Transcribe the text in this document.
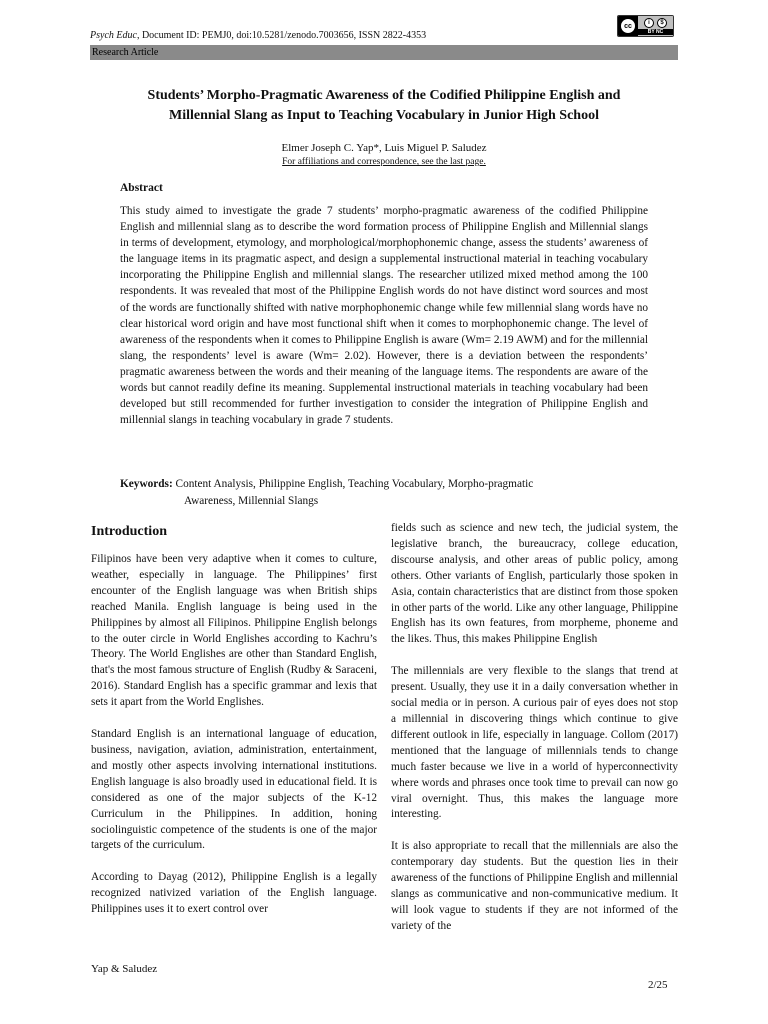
Psych Educ, Document ID: PEMJ0, doi:10.5281/zenodo.7003656, ISSN 2822-4353
cc	i	$
BY NC
Research Article
Students’ Morpho-Pragmatic Awareness of the Codified Philippine English and
Millennial Slang as Input to Teaching Vocabulary in Junior High School
Elmer Joseph C. Yap*, Luis Miguel P. Saludez
For affiliations and correspondence, see the last page.
Abstract
This study aimed to investigate the grade 7 students’ morpho-pragmatic awareness of the codified Philippine English and millennial slang as to describe the word formation process of Philippine English and Millennial slangs in terms of development, etymology, and morphological/morphophonemic change, assess the students’ awareness of the language items in its pragmatic aspect, and design a supplemental instructional material in teaching vocabulary incorporating the Philippine English and millennial slangs. The researcher utilized mixed method among the 100 respondents. It was revealed that most of the Philippine English words do not have distinct word sources and most of the words are functionally shifted with native morphophonemic change while few millennial slang words have no clear historical word origin and have most functional shift when it comes to morphophonemic change. The level of awareness of the respondents when it comes to Philippine English is aware (Wm= 2.19 AWM) and for the millennial slang, the respondents’ level is aware (Wm= 2.02). However, there is a deviation between the respondents’ pragmatic awareness between the words and their meaning of the language items. The respondents are aware of the words but cannot readily define its meaning. Supplemental instructional materials in teaching vocabulary had been developed but still recommended for further investigation to consider the integration of Philippine English and millennial slangs in teaching vocabulary in grade 7 students.
Keywords: Content Analysis, Philippine English, Teaching Vocabulary, Morpho-pragmatic
Awareness, Millennial Slangs
Introduction

Filipinos have been very adaptive when it comes to culture, weather, especially in language. The Philippines’ first encounter of the English language was when British ships reached Manila. English language is being used in the Philippines by almost all Filipinos. Philippine English belongs to the outer circle in World Englishes according to Kachru’s Theory. The World Englishes are other than Standard English, that's the most famous structure of English (Rudby & Saraceni, 2016). Standard English has a specific grammar and lexis that sets it apart from the World Englishes.

Standard English is an international language of education, business, navigation, aviation, administration, entertainment, and mostly other aspects involving international institutions. English language is also broadly used in educational field. It is considered as one of the major subjects of the K-12 Curriculum in the Philippines. In addition, honing sociolinguistic competence of the students is one of the major targets of the curriculum.

According to Dayag (2012), Philippine English is a legally recognized nativized variation of the English language. Philippines uses it to exert control over

fields such as science and new tech, the judicial system, the legislative branch, the bureaucracy, college education, discourse analysis, and other areas of public policy, among others. Other variants of English, particularly those spoken in Asia, contain characteristics that are distinct from those spoken in other parts of the world. Like any other language, Philippine English has its own features, from morpheme, phoneme and the likes. Thus, this makes Philippine English

The millennials are very flexible to the slangs that trend at present. Usually, they use it in a daily conversation whether in social media or in person. A curious pair of eyes does not stop a millennial in discovering things which continue to give different outlook in life, especially in language. Collom (2017) mentioned that the language of millennials tends to change much faster because we live in a world of hyperconnectivity where words and phrases once took time to prevail can now go viral overnight. Thus, this makes the language more interesting.

It is also appropriate to recall that the millennials are also the contemporary day students. But the question lies in their awareness of the functions of Philippine English and millennial slangs as communicative and non-communicative medium. It will look vague to students if they are not informed of the variety of the

Yap & Saludez
2/25
